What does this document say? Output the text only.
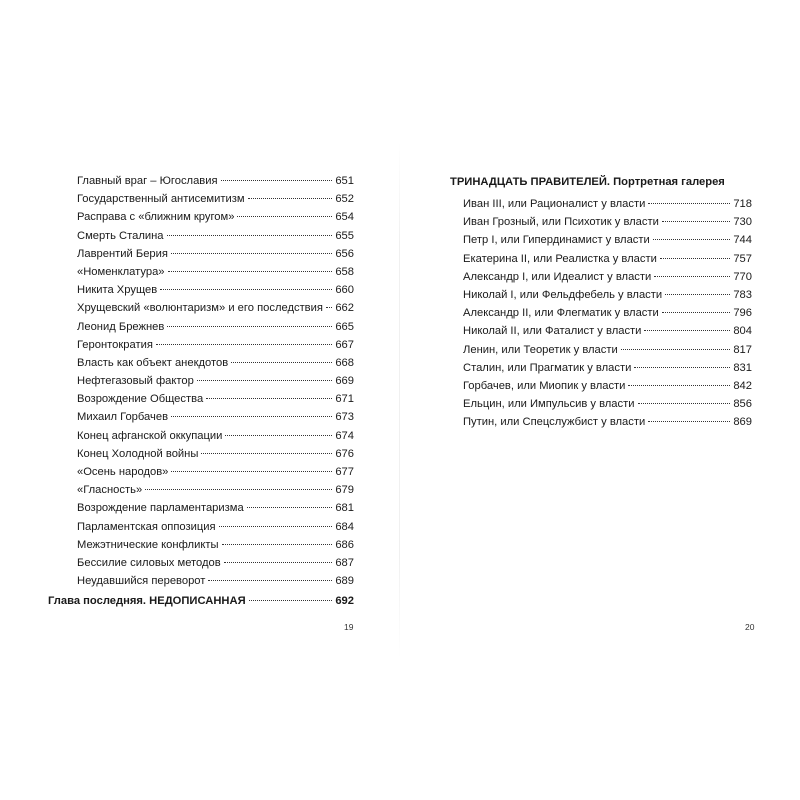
Главный враг – Югославия	651
Государственный антисемитизм	652
Расправа с «ближним кругом»	654
Смерть Сталина	655
Лаврентий Берия	656
«Номенклатура»	658
Никита Хрущев	660
Хрущевский «волюнтаризм» и его последствия 662
Леонид Брежнев	665
Геронтократия	667
Власть как объект анекдотов	668
Нефтегазовый фактор	669
Возрождение Общества	671
Михаил Горбачев	673
Конец афганской оккупации	674
Конец Холодной войны	676
«Осень народов»	677
«Гласность»	679
Возрождение парламентаризма	681
Парламентская оппозиция	684
Межэтнические конфликты	686
Бессилие силовых методов	687
Неудавшийся переворот	689
Глава последняя. НЕДОПИСАННАЯ	692
19
ТРИНАДЦАТЬ ПРАВИТЕЛЕЙ. Портретная галерея
Иван III, или Рационалист у власти	718
Иван Грозный, или Психотик у власти	730
Петр I, или Гипердинамист у власти	744
Екатерина II, или Реалистка у власти	757
Александр I, или Идеалист у власти	770
Николай I, или Фельдфебель у власти	783
Александр II, или Флегматик у власти	796
Николай II, или Фаталист у власти	804
Ленин, или Теоретик у власти	817
Сталин, или Прагматик у власти	831
Горбачев, или Миопик у власти	842
Ельцин, или Импульсив у власти	856
Путин, или Спецслужбист у власти	869
20
